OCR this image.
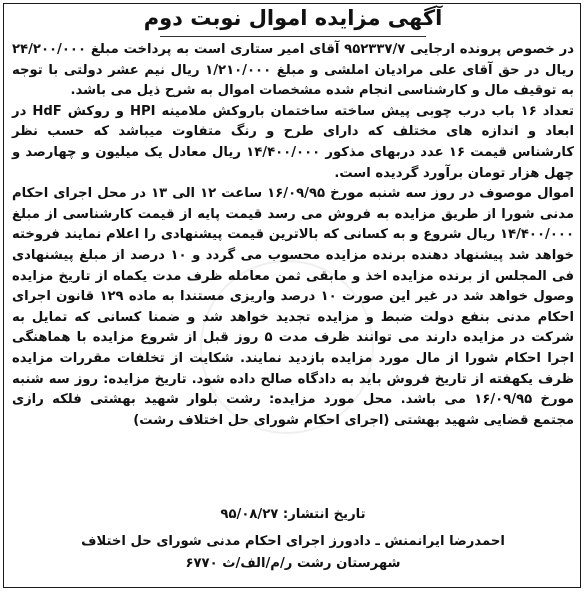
آگهی مزایده اموال نوبت دوم

در خصوص پرونده ارجایی ۹۵۲۳۳۷/۷ آقای امیر ستاری است به پرداخت مبلغ ۲۴/۲۰۰/۰۰۰ ریال در حق آقای علی مرادیان املشی و مبلغ ۱/۲۱۰/۰۰۰ ریال نیم عشر دولتی با توجه به توقیف مال و کارشناسی انجام شده مشخصات اموال به شرح ذیل می باشد.

تعداد ۱۶ باب درب چوبی پیش ساخته ساختمان باروکش ملامینه HPI و روکش HdF در ابعاد و اندازه های مختلف که دارای طرح و رنگ متفاوت میباشد که حسب نظر کارشناس قیمت ۱۶ عدد دربهای مذکور ۱۴/۴۰۰/۰۰۰ ریال معادل یک میلیون و چهارصد و چهل هزار تومان برآورد گردیده است.

اموال موصوف در روز سه شنبه مورخ ۱۶/۰۹/۹۵ ساعت ۱۲ الی ۱۳ در محل اجرای احکام مدنی شورا از طریق مزایده به فروش می رسد قیمت پایه از قیمت کارشناسی از مبلغ ۱۴/۴۰۰/۰۰۰ ریال شروع و به کسانی که بالاترین قیمت پیشنهادی را اعلام نمایند فروخته خواهد شد پیشنهاد دهنده برنده مزایده محسوب می گردد و ۱۰ درصد از مبلغ پیشنهادی فی المجلس از برنده مزایده اخذ و مابقی ثمن معامله ظرف مدت یکماه از تاریخ مزایده وصول خواهد شد در غیر این صورت ۱۰ درصد واریزی مستندا به ماده ۱۲۹ قانون اجرای احکام مدنی بنفع دولت ضبط و مزایده تجدید خواهد شد و ضمنا کسانی که تمایل به شرکت در مزایده دارند می توانند ظرف مدت ۵ روز قبل از شروع مزایده با هماهنگی اجرا احکام شورا از مال مورد مزایده بازدید نمایند. شکایت از تخلفات مقررات مزایده ظرف یکهفته از تاریخ فروش باید به دادگاه صالح داده شود. تاریخ مزایده: روز سه شنبه مورخ ۱۶/۰۹/۹۵ می باشد. محل مورد مزایده: رشت بلوار شهید بهشتی فلکه رازی مجتمع قضایی شهید بهشتی (اجرای احکام شورای حل اختلاف رشت)

تاریخ انتشار: ۹۵/۰۸/۲۷
احمدرضا ایرانمنش ـ دادورز اجرای احکام مدنی شورای حل اختلاف
شهرستان رشت ر/م/الف/ث ۶۷۷۰
